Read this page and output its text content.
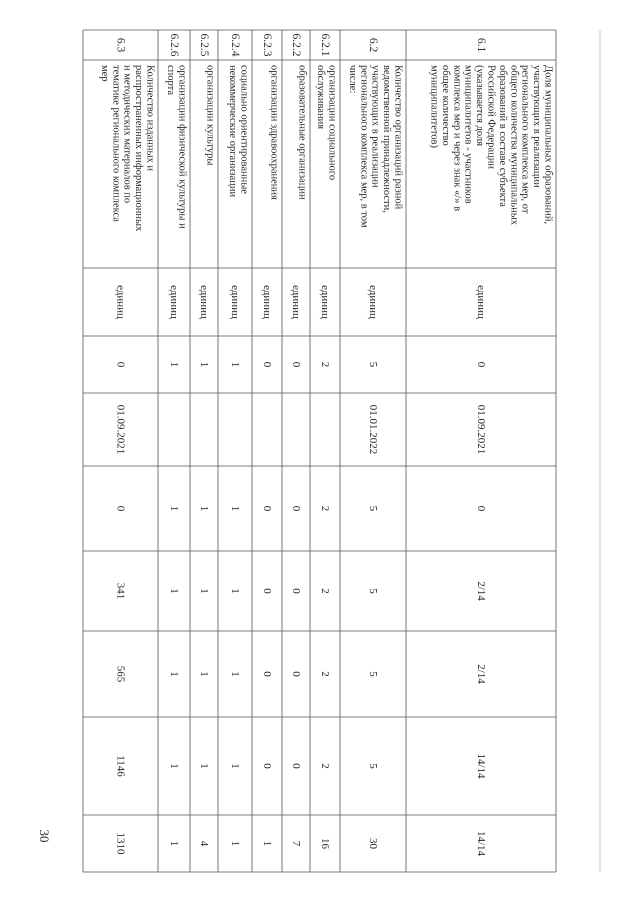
6.1
Доля муниципальных образований,
участвующих в реализации
регионального комплекса мер, от
общего количества муниципальных
образований в составе субъекта
Российской Федерации
(указывается доля
муниципалитетов - участников
комплекса мер и через знак «/» в
общее количество
муниципалитетов)
единиц
0
01.09.2021
0
2/14
2/14
14/14
14/14
6.2
Количество организаций разной
ведомственной принадлежности,
участвующих в реализации
регионального комплекса мер, в том
числе:
единиц
5
01.01.2022
5
5
5
5
30
6.2.1
организации социального
обслуживания
единиц
2
2
2
2
2
16
6.2.2
образовательные организации
единиц
0
0
0
0
0
7
6.2.3
организации здравоохранения
единиц
0
0
0
0
0
1
6.2.4
социально ориентированные
некоммерческие организации
единиц
1
1
1
1
1
1
6.2.5
организации культуры
единиц
1
1
1
1
1
4
6.2.6
организации физической культуры и
спорта
единиц
1
1
1
1
1
1
6.3
Количество изданных и
распространенных информационных
и методических материалов по
тематике регионального комплекса
мер
единиц
0
01.09.2021
0
341
565
1146
1310
30
